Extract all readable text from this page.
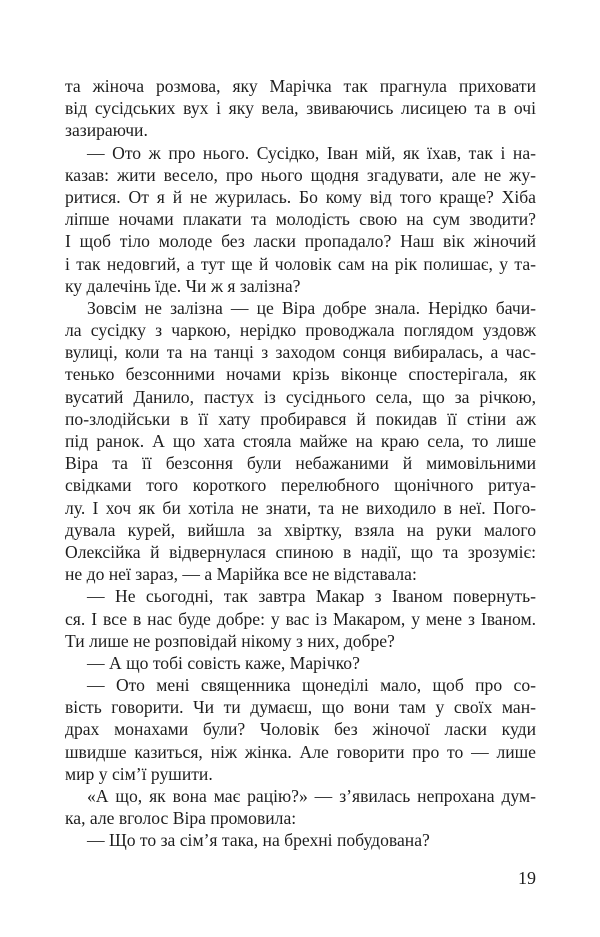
та жіноча розмова, яку Марічка так прагнула приховати
від сусідських вух і яку вела, звиваючись лисицею та в очі
зазираючи.
— Ото ж про нього. Сусідко, Іван мій, як їхав, так і на-
казав: жити весело, про нього щодня згадувати, але не жу-
ритися. От я й не журилась. Бо кому від того краще? Хіба
ліпше ночами плакати та молодість свою на сум зводити?
І щоб тіло молоде без ласки пропадало? Наш вік жіночий
і так недовгий, а тут ще й чоловік сам на рік полишає, у та-
ку далечінь їде. Чи ж я залізна?
Зовсім не залізна — це Віра добре знала. Нерідко бачи-
ла сусідку з чаркою, нерідко проводжала поглядом уздовж
вулиці, коли та на танці з заходом сонця вибиралась, а час-
тенько безсонними ночами крізь віконце спостерігала, як
вусатий Данило, пастух із сусіднього села, що за річкою,
по-злодійськи в її хату пробирався й покидав її стіни аж
під ранок. А що хата стояла майже на краю села, то лише
Віра та її безсоння були небажаними й мимовільними
свідками того короткого перелюбного щонічного ритуа-
лу. І хоч як би хотіла не знати, та не виходило в неї. Пого-
дувала курей, вийшла за хвіртку, взяла на руки малого
Олексійка й відвернулася спиною в надії, що та зрозуміє:
не до неї зараз, — а Марійка все не відставала:
— Не сьогодні, так завтра Макар з Іваном повернуть-
ся. І все в нас буде добре: у вас із Макаром, у мене з Іваном.
Ти лише не розповідай нікому з них, добре?
— А що тобі совість каже, Марічко?
— Ото мені священника щонеділі мало, щоб про со-
вість говорити. Чи ти думаєш, що вони там у своїх ман-
драх монахами були? Чоловік без жіночої ласки куди
швидше казиться, ніж жінка. Але говорити про то — лише
мир у сім’ї рушити.
«А що, як вона має рацію?» — з’явилась непрохана дум-
ка, але вголос Віра промовила:
— Що то за сім’я така, на брехні побудована?
19
